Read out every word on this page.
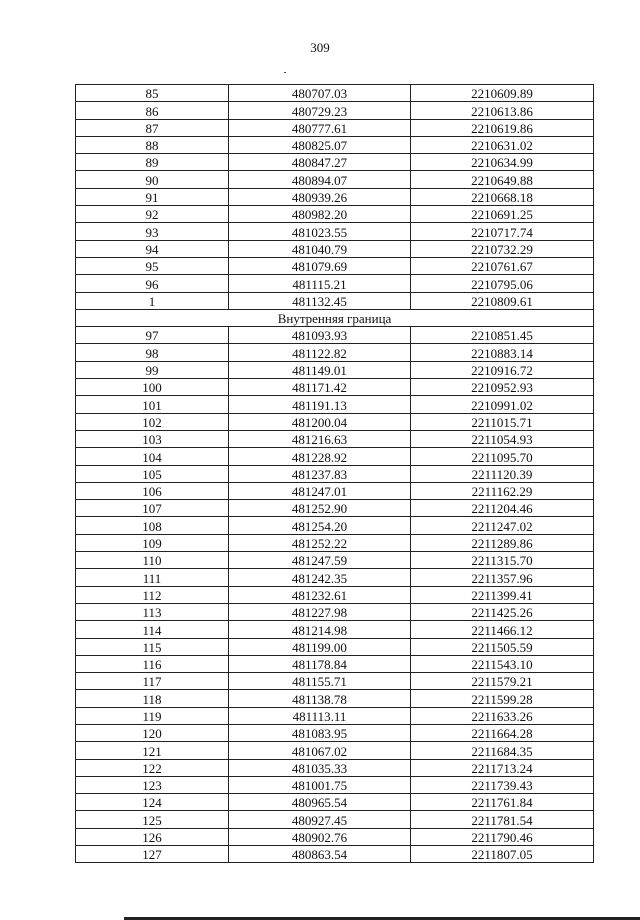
309
85	480707.03	2210609.89
86	480729.23	2210613.86
87	480777.61	2210619.86
88	480825.07	2210631.02
89	480847.27	2210634.99
90	480894.07	2210649.88
91	480939.26	2210668.18
92	480982.20	2210691.25
93	481023.55	2210717.74
94	481040.79	2210732.29
95	481079.69	2210761.67
96	481115.21	2210795.06
1	481132.45	2210809.61
Внутренняя граница		
97	481093.93	2210851.45
98	481122.82	2210883.14
99	481149.01	2210916.72
100	481171.42	2210952.93
101	481191.13	2210991.02
102	481200.04	2211015.71
103	481216.63	2211054.93
104	481228.92	2211095.70
105	481237.83	2211120.39
106	481247.01	2211162.29
107	481252.90	2211204.46
108	481254.20	2211247.02
109	481252.22	2211289.86
110	481247.59	2211315.70
111	481242.35	2211357.96
112	481232.61	2211399.41
113	481227.98	2211425.26
114	481214.98	2211466.12
115	481199.00	2211505.59
116	481178.84	2211543.10
117	481155.71	2211579.21
118	481138.78	2211599.28
119	481113.11	2211633.26
120	481083.95	2211664.28
121	481067.02	2211684.35
122	481035.33	2211713.24
123	481001.75	2211739.43
124	480965.54	2211761.84
125	480927.45	2211781.54
126	480902.76	2211790.46
127	480863.54	2211807.05
